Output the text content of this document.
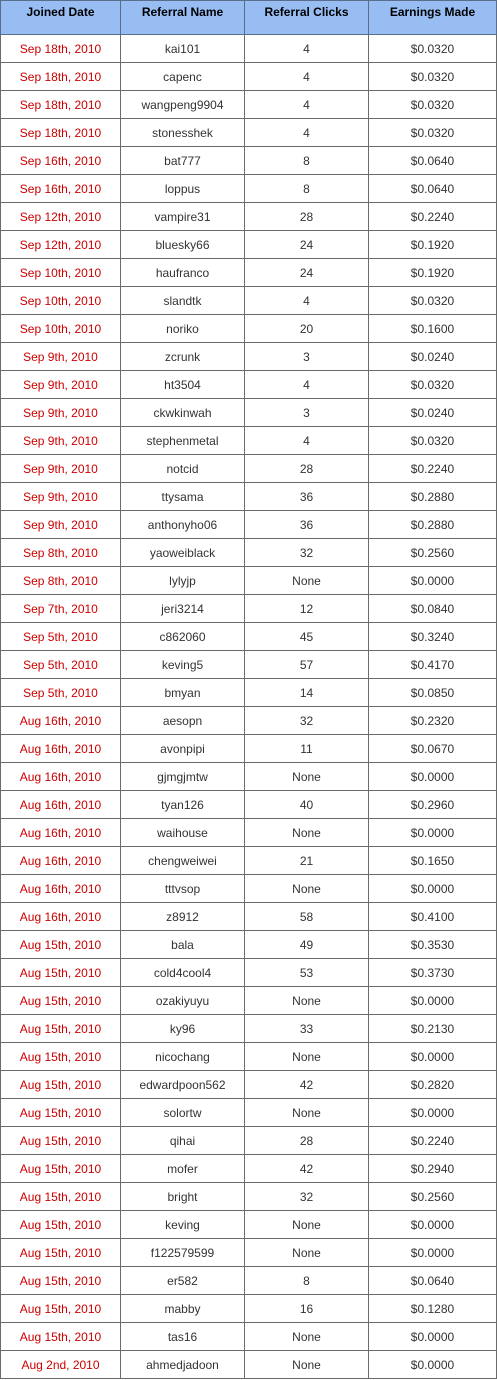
Joined Date	Referral Name	Referral Clicks	Earnings Made
Sep 18th, 2010	kai101	4	$0.0320
Sep 18th, 2010	capenc	4	$0.0320
Sep 18th, 2010	wangpeng9904	4	$0.0320
Sep 18th, 2010	stonesshek	4	$0.0320
Sep 16th, 2010	bat777	8	$0.0640
Sep 16th, 2010	loppus	8	$0.0640
Sep 12th, 2010	vampire31	28	$0.2240
Sep 12th, 2010	bluesky66	24	$0.1920
Sep 10th, 2010	haufranco	24	$0.1920
Sep 10th, 2010	slandtk	4	$0.0320
Sep 10th, 2010	noriko	20	$0.1600
Sep 9th, 2010	zcrunk	3	$0.0240
Sep 9th, 2010	ht3504	4	$0.0320
Sep 9th, 2010	ckwkinwah	3	$0.0240
Sep 9th, 2010	stephenmetal	4	$0.0320
Sep 9th, 2010	notcid	28	$0.2240
Sep 9th, 2010	ttysama	36	$0.2880
Sep 9th, 2010	anthonyho06	36	$0.2880
Sep 8th, 2010	yaoweiblack	32	$0.2560
Sep 8th, 2010	lylyjp	None	$0.0000
Sep 7th, 2010	jeri3214	12	$0.0840
Sep 5th, 2010	c862060	45	$0.3240
Sep 5th, 2010	keving5	57	$0.4170
Sep 5th, 2010	bmyan	14	$0.0850
Aug 16th, 2010	aesopn	32	$0.2320
Aug 16th, 2010	avonpipi	11	$0.0670
Aug 16th, 2010	gjmgjmtw	None	$0.0000
Aug 16th, 2010	tyan126	40	$0.2960
Aug 16th, 2010	waihouse	None	$0.0000
Aug 16th, 2010	chengweiwei	21	$0.1650
Aug 16th, 2010	tttvsop	None	$0.0000
Aug 16th, 2010	z8912	58	$0.4100
Aug 15th, 2010	bala	49	$0.3530
Aug 15th, 2010	cold4cool4	53	$0.3730
Aug 15th, 2010	ozakiyuyu	None	$0.0000
Aug 15th, 2010	ky96	33	$0.2130
Aug 15th, 2010	nicochang	None	$0.0000
Aug 15th, 2010	edwardpoon562	42	$0.2820
Aug 15th, 2010	solortw	None	$0.0000
Aug 15th, 2010	qihai	28	$0.2240
Aug 15th, 2010	mofer	42	$0.2940
Aug 15th, 2010	bright	32	$0.2560
Aug 15th, 2010	keving	None	$0.0000
Aug 15th, 2010	f122579599	None	$0.0000
Aug 15th, 2010	er582	8	$0.0640
Aug 15th, 2010	mabby	16	$0.1280
Aug 15th, 2010	tas16	None	$0.0000
Aug 2nd, 2010	ahmedjadoon	None	$0.0000
